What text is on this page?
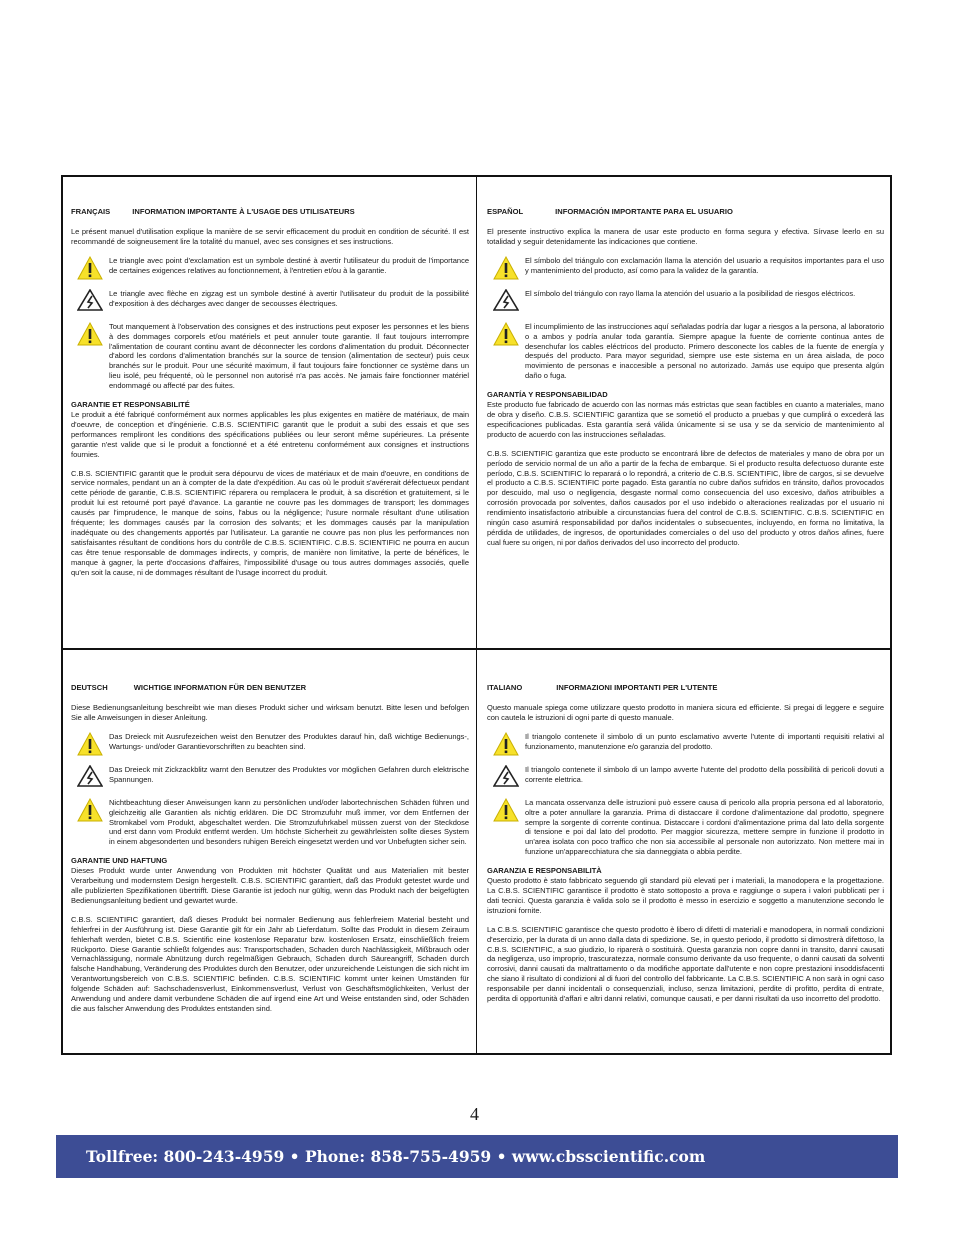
FRANÇAIS	INFORMATION IMPORTANTE À L'USAGE DES UTILISATEURS

Le présent manuel d'utilisation explique la manière de se servir efficacement du produit en condition de sécurité. Il est recommandé de soigneusement lire la totalité du manuel, avec ses consignes et ses instructions.

Le triangle avec point d'exclamation est un symbole destiné à avertir l'utilisateur du produit de l'importance de certaines exigences relatives au fonctionnement, à l'entretien et/ou à la garantie.
Le triangle avec flèche en zigzag est un symbole destiné à avertir l'utilisateur du produit de la possibilité d'exposition à des décharges avec danger de secousses électriques.
Tout manquement à l'observation des consignes et des instructions peut exposer les personnes et les biens à des dommages corporels et/ou matériels et peut annuler toute garantie. Il faut toujours interrompre l'alimentation de courant continu avant de déconnecter les cordons d'alimentation du produit. Déconnecter d'abord les cordons d'alimentation branchés sur la source de tension (alimentation de secteur) puis ceux branchés sur le produit. Pour une sécurité maximum, il faut toujours faire fonctionner ce système dans un lieu isolé, peu fréquenté, où le personnel non autorisé n'a pas accès. Ne jamais faire fonctionner matériel endommagé ou affecté par des fuites.
GARANTIE ET RESPONSABILITÉ

Le produit a été fabriqué conformément aux normes applicables les plus exigentes en matière de matériaux, de main d'oeuvre, de conception et d'ingénierie. C.B.S. SCIENTIFIC garantit que le produit a subi des essais et que ses performances rempliront les conditions des spécifications publiées ou leur seront même supérieures. La présente garantie n'est valide que si le produit a fonctionné et a été entretenu conformément aux consignes et instructions fournies.

C.B.S. SCIENTIFIC garantit que le produit sera dépourvu de vices de matériaux et de main d'oeuvre, en conditions de service normales, pendant un an à compter de la date d'expédition. Au cas où le produit s'avérerait défectueux pendant cette période de garantie, C.B.S. SCIENTIFIC réparera ou remplacera le produit, à sa discrétion et gratuitement, si le produit lui est retourné port payé d'avance. La garantie ne couvre pas les dommages de transport; les dommages causés par l'imprudence, le manque de soins, l'abus ou la négligence; l'usure normale résultant d'une utilisation fréquente; les dommages causés par la corrosion des solvants; et les dommages causés par la manipulation inadéquate ou des changements apportés par l'utilisateur. La garantie ne couvre pas non plus les performances non satisfaisantes résultant de conditions hors du contrôle de C.B.S. SCIENTIFIC. C.B.S. SCIENTIFIC ne pourra en aucun cas être tenue responsable de dommages indirects, y compris, de manière non limitative, la perte de bénéfices, le manque à gagner, la perte d'occasions d'affaires, l'impossibilité d'usage ou tous autres dommages associés, quelle qu'en soit la cause, ni de dommages résultant de l'usage incorrect du produit.

ESPAÑOL	INFORMACIÓN IMPORTANTE PARA EL USUARIO

El presente instructivo explica la manera de usar este producto en forma segura y efectiva. Sírvase leerlo en su totalidad y seguir detenidamente las indicaciones que contiene.

El símbolo del triángulo con exclamación llama la atención del usuario a requisitos importantes para el uso y mantenimiento del producto, así como para la validez de la garantía.
El símbolo del triángulo con rayo llama la atención del usuario a la posibilidad de riesgos eléctricos.
El incumplimiento de las instrucciones aquí señaladas podría dar lugar a riesgos a la persona, al laboratorio o a ambos y podría anular toda garantía. Siempre apague la fuente de corriente continua antes de desenchufar los cables eléctricos del producto. Primero desconecte los cables de la fuente de energía y después del producto. Para mayor seguridad, siempre use este sistema en un área aislada, de poco movimiento de personas e inaccesible a personal no autorizado. Jamás use equipo que presenta algún daño o fuga.
GARANTÍA Y RESPONSABILIDAD

Este producto fue fabricado de acuerdo con las normas más estrictas que sean factibles en cuanto a materiales, mano de obra y diseño. C.B.S. SCIENTIFIC garantiza que se sometió el producto a pruebas y que cumplirá o excederá las especificaciones publicadas. Esta garantía será válida únicamente si se usa y se da servicio de mantenimiento al producto de acuerdo con las instrucciones señaladas.

C.B.S. SCIENTIFIC garantiza que este producto se encontrará libre de defectos de materiales y mano de obra por un período de servicio normal de un año a partir de la fecha de embarque. Si el producto resulta defectuoso durante este período, C.B.S. SCIENTIFIC lo reparará o lo repondrá, a criterio de C.B.S. SCIENTIFIC, libre de cargos, si se devuelve el producto a C.B.S. SCIENTIFIC porte pagado. Esta garantía no cubre daños sufridos en tránsito, daños provocados por descuido, mal uso o negligencia, desgaste normal como consecuencia del uso excesivo, daños atribuibles a corrosión provocada por solventes, daños causados por el uso indebido o alteraciones realizadas por el usuario ni rendimiento insatisfactorio atribuible a circunstancias fuera del control de C.B.S. SCIENTIFIC. C.B.S. SCIENTIFIC en ningún caso asumirá responsabilidad por daños incidentales o subsecuentes, incluyendo, en forma no limitativa, la pérdida de utilidades, de ingresos, de oportunidades comerciales o del uso del producto y otros daños afines, fuere cual fuere su origen, ni por daños derivados del uso incorrecto del producto.

DEUTSCH	WICHTIGE INFORMATION FÜR DEN BENUTZER

Diese Bedienungsanleitung beschreibt wie man dieses Produkt sicher und wirksam benutzt. Bitte lesen und befolgen Sie alle Anweisungen in dieser Anleitung.

Das Dreieck mit Ausrufezeichen weist den Benutzer des Produktes darauf hin, daß wichtige Bedienungs-, Wartungs- und/oder Garantievorschriften zu beachten sind.
Das Dreieck mit Zickzackblitz warnt den Benutzer des Produktes vor möglichen Gefahren durch elektrische Spannungen.
Nichtbeachtung dieser Anweisungen kann zu persönlichen und/oder labortechnischen Schäden führen und gleichzeitig alle Garantien als nichtig erklären. Die DC Stromzufuhr muß immer, vor dem Entfernen der Stromkabel vom Produkt, abgeschaltet werden. Die Stromzufuhrkabel müssen zuerst von der Steckdose und erst dann vom Produkt entfernt werden. Um höchste Sicherheit zu gewährleisten sollte dieses System in einem abgesonderten und besonders ruhigen Bereich eingesetzt werden und vor Unbefugten sicher sein.
GARANTIE UND HAFTUNG

Dieses Produkt wurde unter Anwendung von Produkten mit höchster Qualität und aus Materialien mit bester Verarbeitung und modernstem Design hergestellt. C.B.S. SCIENTIFIC garantiert, daß das Produkt getestet wurde und alle publizierten Spezifikationen übertrifft. Diese Garantie ist jedoch nur gültig, wenn das Produkt nach der beigefügten Bedienungsanleitung bedient und gewartet wurde.

C.B.S. SCIENTIFIC garantiert, daß dieses Produkt bei normaler Bedienung aus fehlerfreiem Material besteht und fehlerfrei in der Ausführung ist. Diese Garantie gilt für ein Jahr ab Lieferdatum. Sollte das Produkt in diesem Zeiraum fehlerhaft werden, bietet C.B.S. Scientific eine kostenlose Reparatur bzw. kostenlosen Ersatz, einschließlich freiem Rückporto. Diese Garantie schließt folgendes aus: Transportschaden, Schaden durch Nachlässigkeit, Mißbrauch oder Vernachlässigung, normale Abnützung durch regelmäßigen Gebrauch, Schaden durch Säureangriff, Schaden durch falsche Handhabung, Veränderung des Produktes durch den Benutzer, oder unzureichende Leistungen die sich nicht im Verantwortungsbereich von C.B.S. SCIENTIFIC befinden. C.B.S. SCIENTIFIC kommt unter keinen Umständen für folgende Schäden auf: Sachschadensverlust, Einkommensverlust, Verlust von Geschäftsmöglichkeiten, Verlust der Anwendung und andere damit verbundene Schäden die auf irgend eine Art und Weise entstanden sind, oder Schäden die aus falscher Anwendung des Produktes entstanden sind.

ITALIANO	INFORMAZIONI IMPORTANTI PER L'UTENTE

Questo manuale spiega come utilizzare questo prodotto in maniera sicura ed efficiente. Si pregai di leggere e seguire con cautela le istruzioni di ogni parte di questo manuale.

Il triangolo contenete il simbolo di un punto esclamativo avverte l'utente di importanti requisiti relativi al funzionamento, manutenzione e/o garanzia del prodotto.
Il triangolo contenete il simbolo di un lampo avverte l'utente del prodotto della possibilità di pericoli dovuti a corrente elettrica.
La mancata osservanza delle istruzioni può essere causa di pericolo alla propria persona ed al laboratorio, oltre a poter annullare la garanzia. Prima di distaccare il cordone d'alimentazione dal prodotto, spegnere sempre la sorgente di corrente continua. Distaccare i cordoni d'alimentazione prima dal lato della sorgente di tensione e poi dal lato del prodotto. Per maggior sicurezza, mettere sempre in funzione il prodotto in un'area isolata con poco traffico che non sia accessibile al personale non autorizzato. Non mettere mai in funzione un'apparecchiatura che sia danneggiata o abbia perdite.
GARANZIA E RESPONSABILITÀ

Questo prodotto è stato fabbricato seguendo gli standard più elevati per i materiali, la manodopera e la progettazione. La C.B.S. SCIENTIFIC garantisce il prodotto è stato sottoposto a prova e raggiunge o supera i valori pubblicati per i dati tecnici. Questa garanzia è valida solo se il prodotto è messo in esercizio e soggetto a manutenzione secondo le istruzioni fornite.

La C.B.S. SCIENTIFIC garantisce che questo prodotto è libero di difetti di materiali e manodopera, in normali condizioni d'esercizio, per la durata di un anno dalla data di spedizione. Se, in questo periodo, il prodotto si dimostrerà difettoso, la C.B.S. SCIENTIFIC, a suo giudizio, lo riparerà o sostituirà. Questa garanzia non copre danni in transito, danni causati da negligenza, uso improprio, trascuratezza, normale consumo derivante da uso frequente, o danni causati da solventi corrosivi, danni causati da maltrattamento o da modifiche apportate dall'utente e non copre prestazioni insoddisfacenti che siano il risultato di condizioni al di fuori del controllo del fabbricante. La C.B.S. SCIENTIFIC A non sarà in ogni caso responsabile per danni incidentali o consequenziali, incluso, senza limitazioni, perdite di profitto, perdita di entrate, perdita di opportunità d'affari e altri danni relativi, comunque causati, e per danni risultati da uso incorretto del prodotto.

4
Tollfree: 800-243-4959 • Phone: 858-755-4959 • www.cbsscientific.com
